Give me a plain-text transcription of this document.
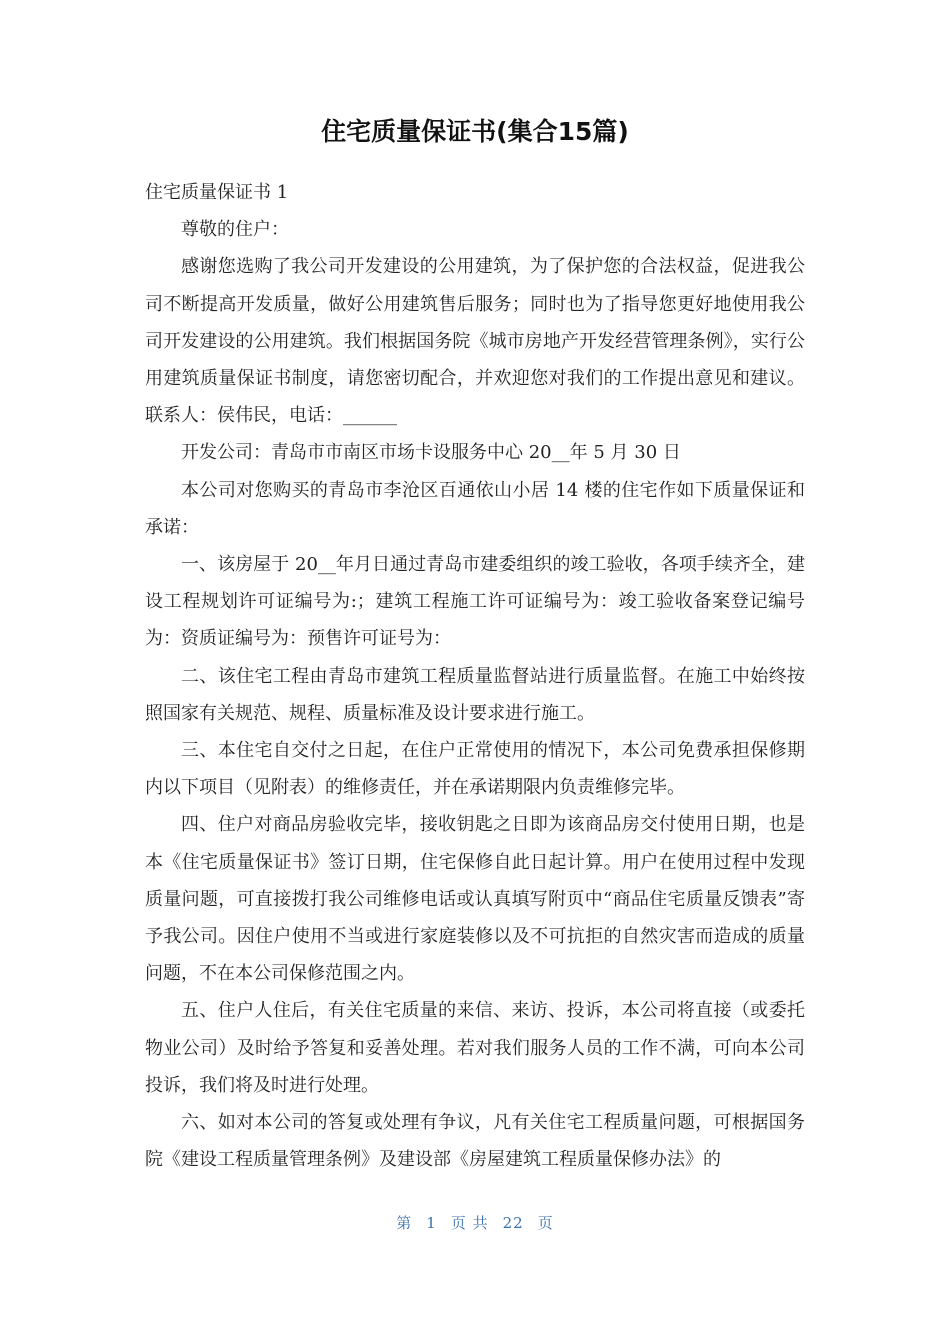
住宅质量保证书(集合15篇)

住宅质量保证书 1

尊敬的住户：

感谢您选购了我公司开发建设的公用建筑，为了保护您的合法权益，促进我公司不断提高开发质量，做好公用建筑售后服务；同时也为了指导您更好地使用我公司开发建设的公用建筑。我们根据国务院《城市房地产开发经营管理条例》，实行公用建筑质量保证书制度，请您密切配合，并欢迎您对我们的工作提出意见和建议。联系人：侯伟民，电话：______

开发公司：青岛市市南区市场卡设服务中心 20__年 5 月 30 日

本公司对您购买的青岛市李沧区百通依山小居 14 楼的住宅作如下质量保证和承诺：

一、该房屋于 20__年月日通过青岛市建委组织的竣工验收，各项手续齐全，建设工程规划许可证编号为:；建筑工程施工许可证编号为：竣工验收备案登记编号为：资质证编号为：预售许可证号为：

二、该住宅工程由青岛市建筑工程质量监督站进行质量监督。在施工中始终按照国家有关规范、规程、质量标准及设计要求进行施工。

三、本住宅自交付之日起，在住户正常使用的情况下，本公司免费承担保修期内以下项目（见附表）的维修责任，并在承诺期限内负责维修完毕。

四、住户对商品房验收完毕，接收钥匙之日即为该商品房交付使用日期，也是本《住宅质量保证书》签订日期，住宅保修自此日起计算。用户在使用过程中发现质量问题，可直接拨打我公司维修电话或认真填写附页中“商品住宅质量反馈表”寄予我公司。因住户使用不当或进行家庭装修以及不可抗拒的自然灾害而造成的质量问题，不在本公司保修范围之内。

五、住户人住后，有关住宅质量的来信、来访、投诉，本公司将直接（或委托物业公司）及时给予答复和妥善处理。若对我们服务人员的工作不满，可向本公司投诉，我们将及时进行处理。

六、如对本公司的答复或处理有争议，凡有关住宅工程质量问题，可根据国务院《建设工程质量管理条例》及建设部《房屋建筑工程质量保修办法》的

第 1 页 共 22 页
